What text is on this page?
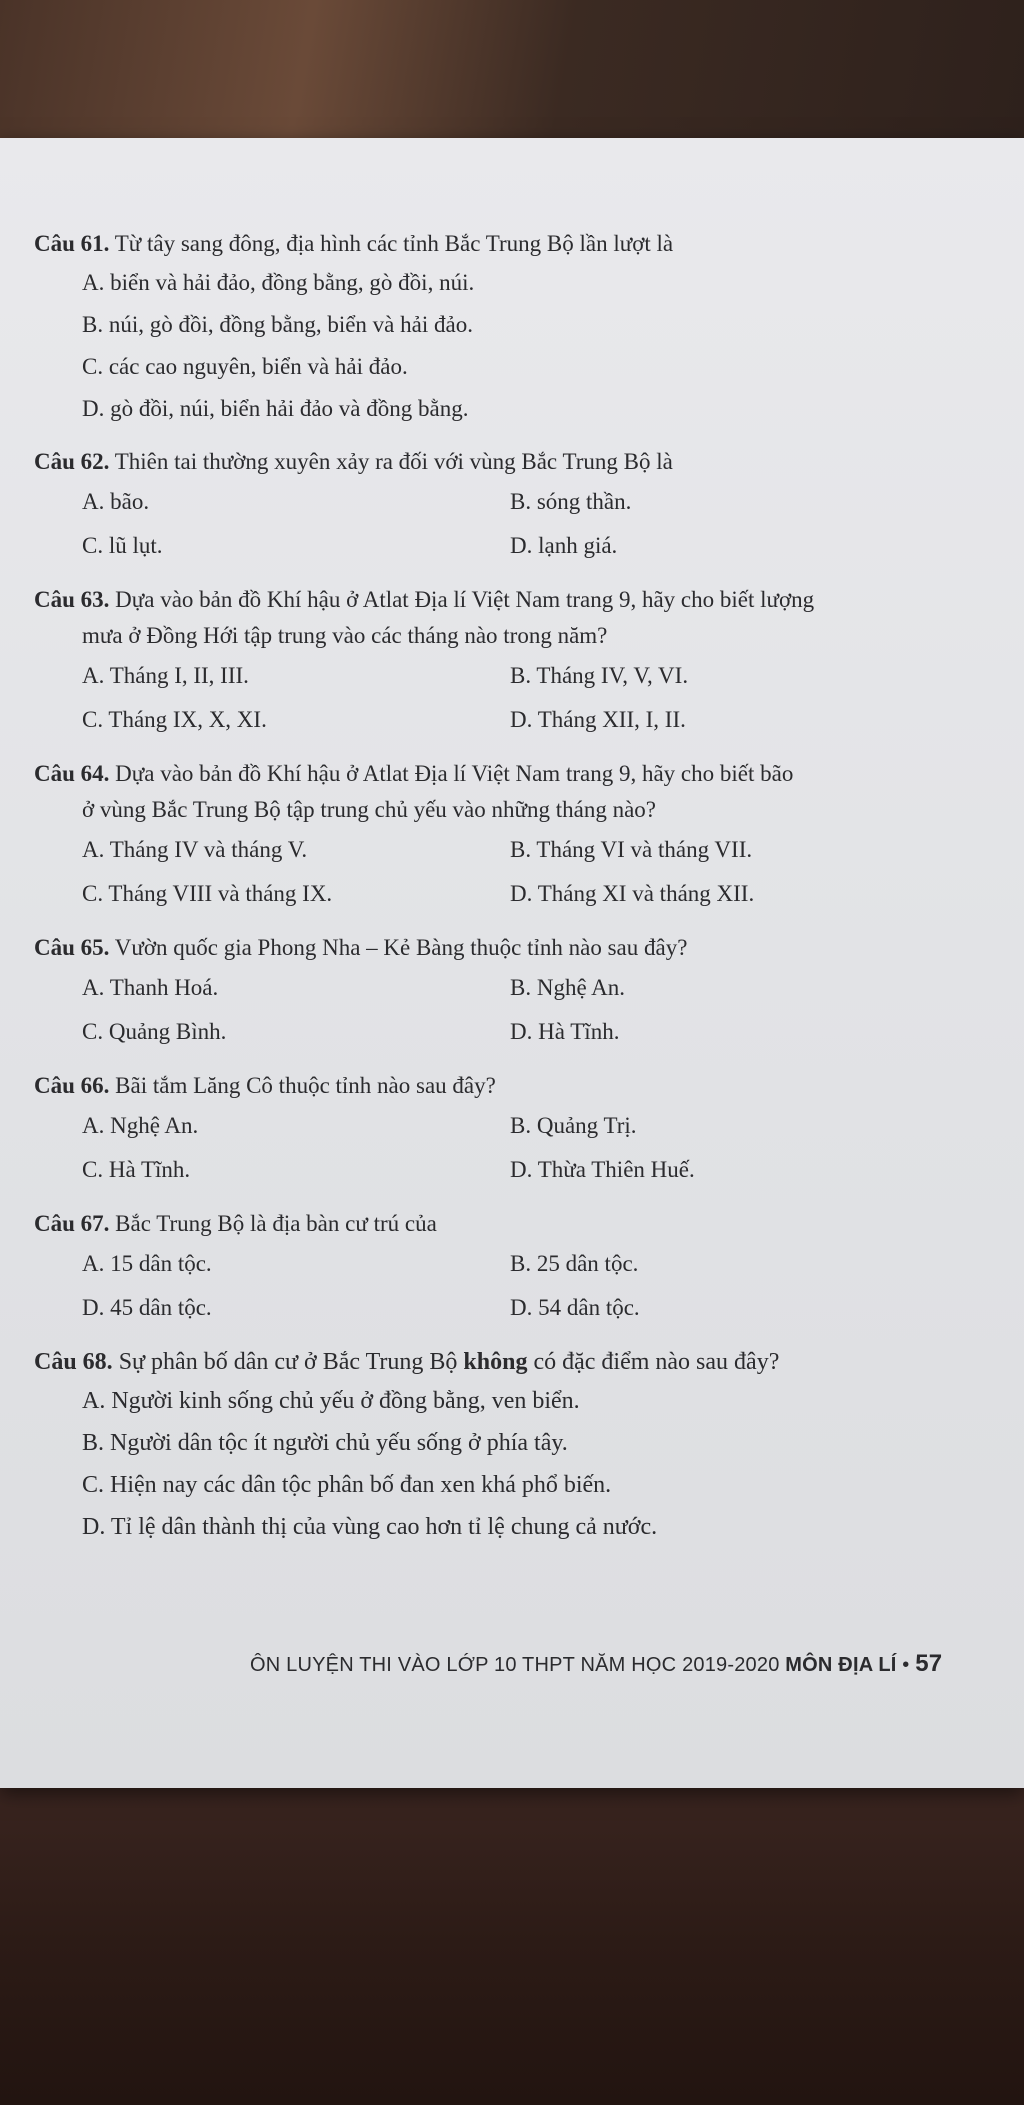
Câu 61. Từ tây sang đông, địa hình các tỉnh Bắc Trung Bộ lần lượt là
A. biển và hải đảo, đồng bằng, gò đồi, núi.
B. núi, gò đồi, đồng bằng, biển và hải đảo.
C. các cao nguyên, biển và hải đảo.
D. gò đồi, núi, biển hải đảo và đồng bằng.
Câu 62. Thiên tai thường xuyên xảy ra đối với vùng Bắc Trung Bộ là
A. bão.	B. sóng thần.
C. lũ lụt.	D. lạnh giá.
Câu 63. Dựa vào bản đồ Khí hậu ở Atlat Địa lí Việt Nam trang 9, hãy cho biết lượng
mưa ở Đồng Hới tập trung vào các tháng nào trong năm?
A. Tháng I, II, III.	B. Tháng IV, V, VI.
C. Tháng IX, X, XI.	D. Tháng XII, I, II.
Câu 64. Dựa vào bản đồ Khí hậu ở Atlat Địa lí Việt Nam trang 9, hãy cho biết bão
ở vùng Bắc Trung Bộ tập trung chủ yếu vào những tháng nào?
A. Tháng IV và tháng V.	B. Tháng VI và tháng VII.
C. Tháng VIII và tháng IX.	D. Tháng XI và tháng XII.
Câu 65. Vườn quốc gia Phong Nha – Kẻ Bàng thuộc tỉnh nào sau đây?
A. Thanh Hoá.	B. Nghệ An.
C. Quảng Bình.	D. Hà Tĩnh.
Câu 66. Bãi tắm Lăng Cô thuộc tỉnh nào sau đây?
A. Nghệ An.	B. Quảng Trị.
C. Hà Tĩnh.	D. Thừa Thiên Huế.
Câu 67. Bắc Trung Bộ là địa bàn cư trú của
A. 15 dân tộc.	B. 25 dân tộc.
D. 45 dân tộc.	D. 54 dân tộc.
Câu 68. Sự phân bố dân cư ở Bắc Trung Bộ không có đặc điểm nào sau đây?
A. Người kinh sống chủ yếu ở đồng bằng, ven biển.
B. Người dân tộc ít người chủ yếu sống ở phía tây.
C. Hiện nay các dân tộc phân bố đan xen khá phổ biến.
D. Tỉ lệ dân thành thị của vùng cao hơn tỉ lệ chung cả nước.
ÔN LUYỆN THI VÀO LỚP 10 THPT NĂM HỌC 2019-2020 MÔN ĐỊA LÍ • 57
